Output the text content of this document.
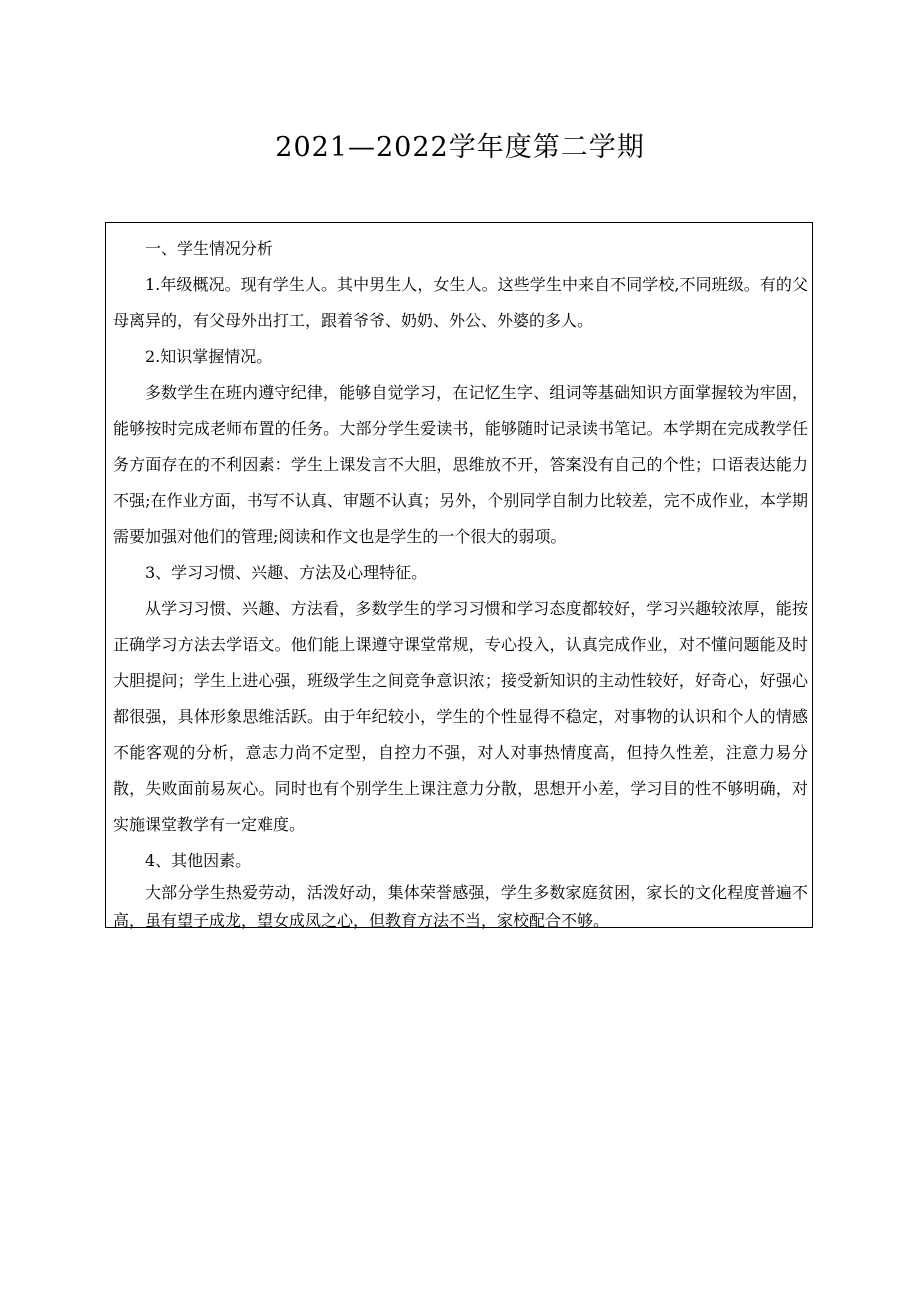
2021—2022学年度第二学期

一、学生情况分析

1.年级概况。现有学生人。其中男生人，女生人。这些学生中来自不同学校,不同班级。有的父母离异的，有父母外出打工，跟着爷爷、奶奶、外公、外婆的多人。

2.知识掌握情况。

多数学生在班内遵守纪律，能够自觉学习，在记忆生字、组词等基础知识方面掌握较为牢固，能够按时完成老师布置的任务。大部分学生爱读书，能够随时记录读书笔记。本学期在完成教学任务方面存在的不利因素：学生上课发言不大胆，思维放不开，答案没有自己的个性；口语表达能力不强;在作业方面，书写不认真、审题不认真；另外，个别同学自制力比较差，完不成作业，本学期需要加强对他们的管理;阅读和作文也是学生的一个很大的弱项。

3、学习习惯、兴趣、方法及心理特征。

从学习习惯、兴趣、方法看，多数学生的学习习惯和学习态度都较好，学习兴趣较浓厚，能按正确学习方法去学语文。他们能上课遵守课堂常规，专心投入，认真完成作业，对不懂问题能及时大胆提问；学生上进心强，班级学生之间竞争意识浓；接受新知识的主动性较好，好奇心，好强心都很强，具体形象思维活跃。由于年纪较小，学生的个性显得不稳定，对事物的认识和个人的情感不能客观的分析，意志力尚不定型，自控力不强，对人对事热情度高，但持久性差，注意力易分散，失败面前易灰心。同时也有个别学生上课注意力分散，思想开小差，学习目的性不够明确，对实施课堂教学有一定难度。

4、其他因素。

大部分学生热爱劳动，活泼好动，集体荣誉感强，学生多数家庭贫困，家长的文化程度普遍不高，虽有望子成龙，望女成凤之心，但教育方法不当，家校配合不够。
